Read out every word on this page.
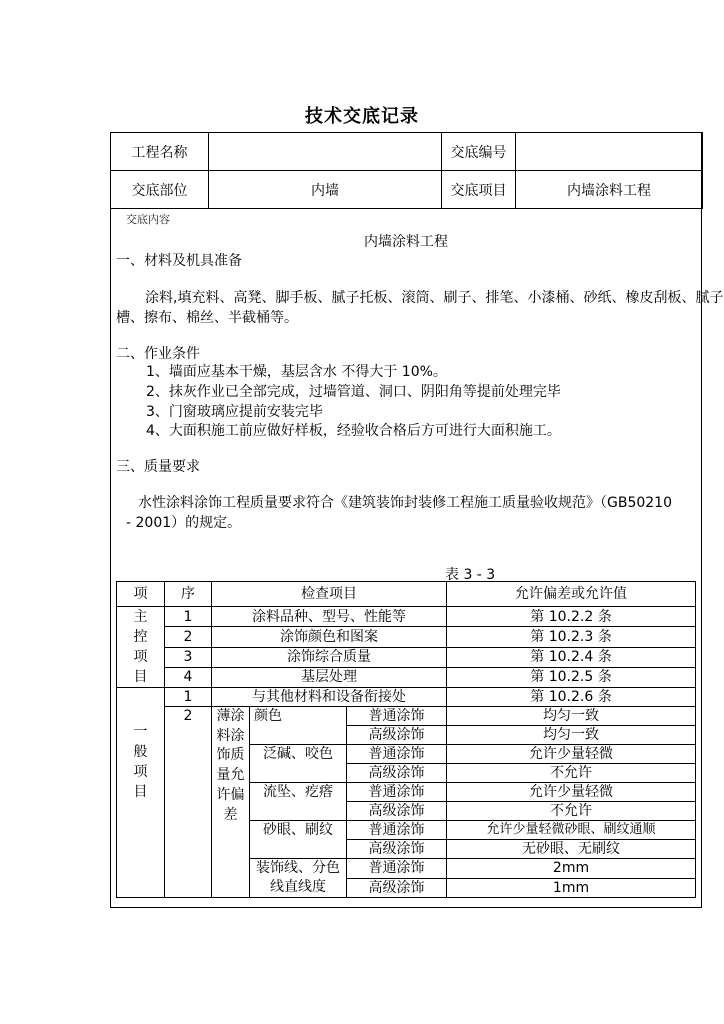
技术交底记录
工程名称		交底编号	
交底部位	内墙	交底项目	内墙涂料工程
交底内容
内墙涂料工程
一、材料及机具准备
涂料,填充料、高凳、脚手板、腻子托板、滚筒、刷子、排笔、小漆桶、砂纸、橡皮刮板、腻子
槽、擦布、棉丝、半截桶等。
二、作业条件
1、墙面应基本干燥，基层含水 不得大于 10%。
2、抹灰作业已全部完成，过墙管道、洞口、阴阳角等提前处理完毕
3、门窗玻璃应提前安装完毕
4、大面积施工前应做好样板，经验收合格后方可进行大面积施工。
三、质量要求
水性涂料涂饰工程质量要求符合《建筑装饰封装修工程施工质量验收规范》（GB50210
- 2001）的规定。
表 3 - 3
项	序	检查项目			允许偏差或允许值
主控项目	1	涂料品种、型号、性能等			第 10.2.2 条
	2	涂饰颜色和图案			第 10.2.3 条
	3	涂饰综合质量			第 10.2.4 条
	4	基层处理			第 10.2.5 条
一般项目	1	与其他材料和设备衔接处			第 10.2.6 条
	2	薄涂料涂饰质量允许偏差	颜色	普通涂饰	均匀一致
				高级涂饰	均匀一致
			泛碱、咬色	普通涂饰	允许少量轻微
				高级涂饰	不允许
			流坠、疙瘩	普通涂饰	允许少量轻微
				高级涂饰	不允许
			砂眼、刷纹	普通涂饰	允许少量轻微砂眼、刷纹通顺
				高级涂饰	无砂眼、无刷纹
			装饰线、分色线直线度	普通涂饰	2mm
				高级涂饰	1mm
